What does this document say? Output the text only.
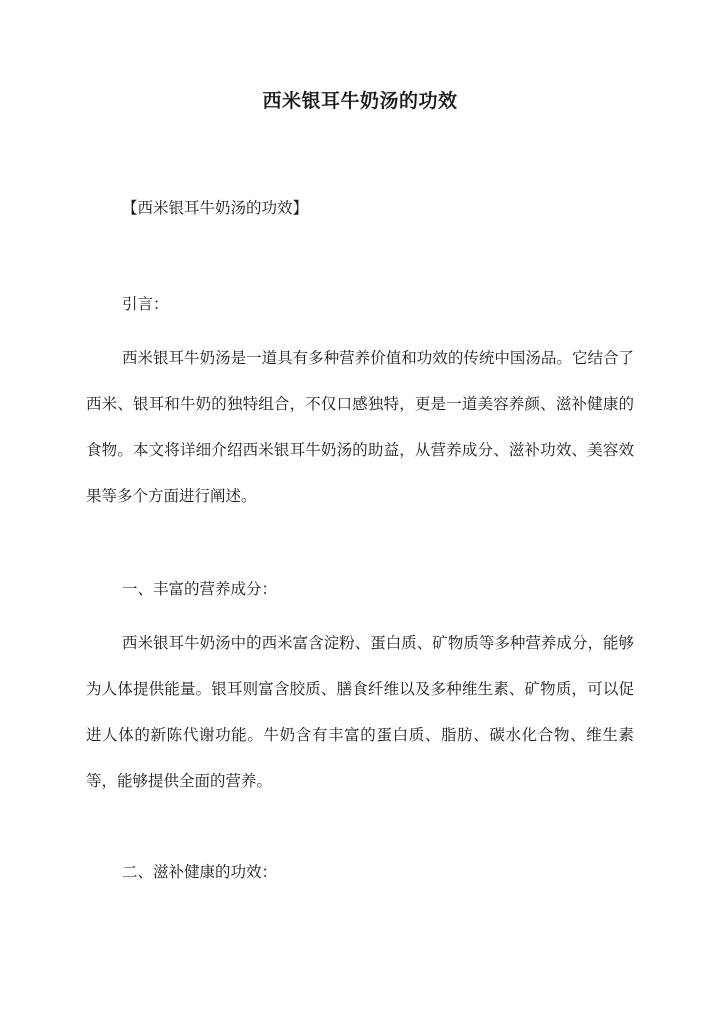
西米银耳牛奶汤的功效

【西米银耳牛奶汤的功效】

引言：

西米银耳牛奶汤是一道具有多种营养价值和功效的传统中国汤品。它结合了西米、银耳和牛奶的独特组合，不仅口感独特，更是一道美容养颜、滋补健康的食物。本文将详细介绍西米银耳牛奶汤的助益，从营养成分、滋补功效、美容效果等多个方面进行阐述。

一、丰富的营养成分：

西米银耳牛奶汤中的西米富含淀粉、蛋白质、矿物质等多种营养成分，能够为人体提供能量。银耳则富含胶质、膳食纤维以及多种维生素、矿物质，可以促进人体的新陈代谢功能。牛奶含有丰富的蛋白质、脂肪、碳水化合物、维生素等，能够提供全面的营养。

二、滋补健康的功效：
